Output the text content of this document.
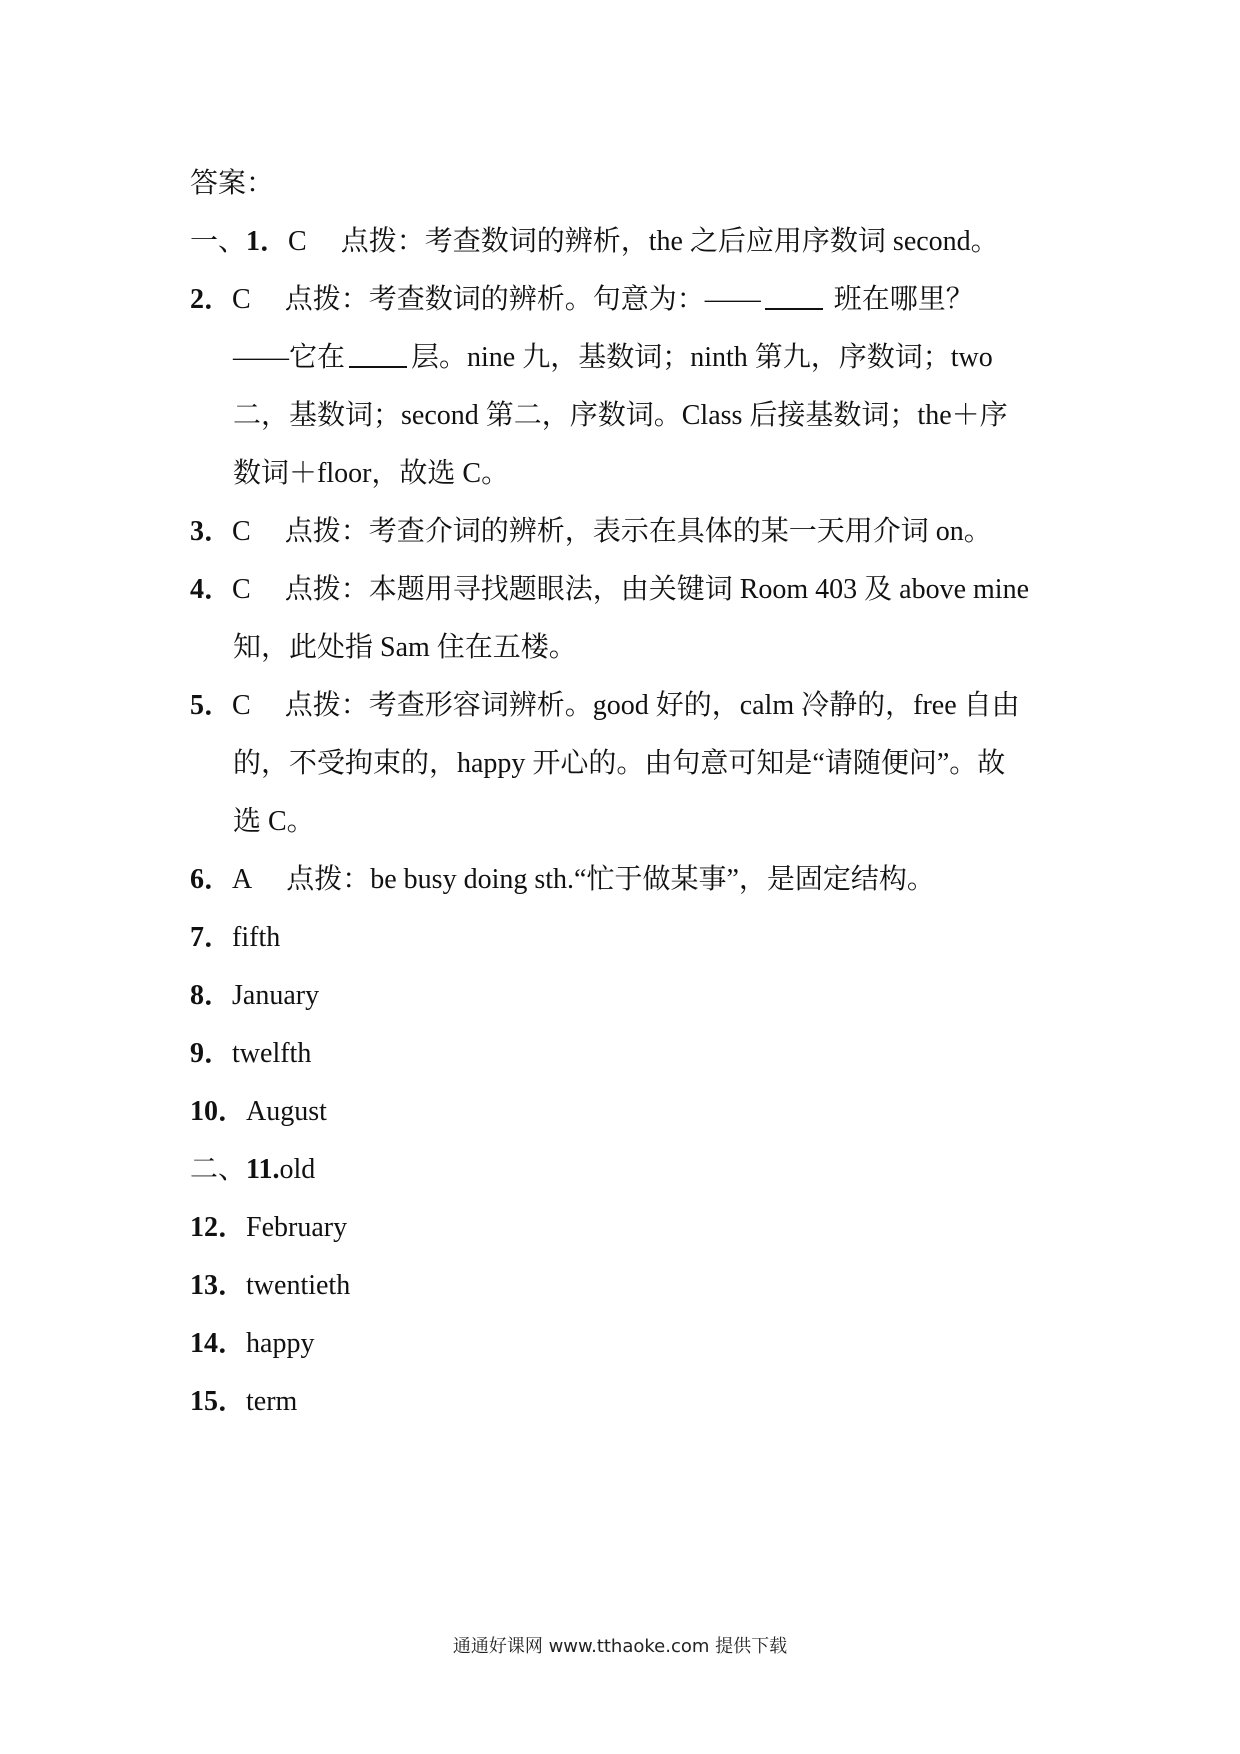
答案：
一、1．C 点拨：考查数词的辨析，the 之后应用序数词 second。
2．C 点拨：考查数词的辨析。句意为：——	班在哪里？
——它在 层。nine 九，基数词；ninth 第九，序数词；two
二，基数词；second 第二，序数词。Class 后接基数词；the＋序
数词＋floor，故选 C。
3．C 点拨：考查介词的辨析，表示在具体的某一天用介词 on。
4．C 点拨：本题用寻找题眼法，由关键词 Room 403 及 above mine
知，此处指 Sam 住在五楼。
5．C 点拨：考查形容词辨析。good 好的，calm 冷静的，free 自由
的，不受拘束的，happy 开心的。由句意可知是“请随便问”。故
选 C。
6．A 点拨：be busy doing sth.“忙于做某事”，是固定结构。
7．fifth
8．January
9．twelfth
10．August
二、11.old
12．February
13．twentieth
14．happy
15．term
通通好课网 www.tthaoke.com 提供下载
